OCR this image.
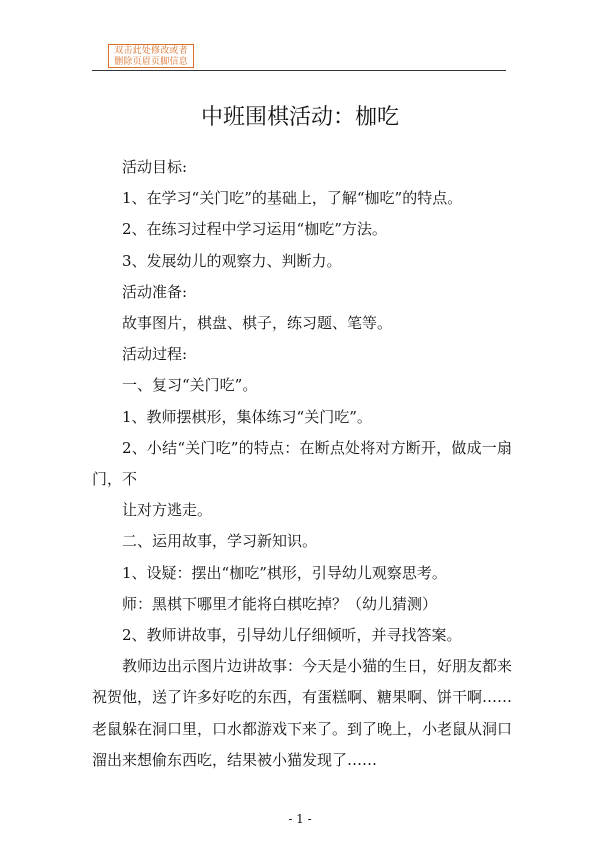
双击此处修改或者
删除页眉页脚信息
中班围棋活动：枷吃

活动目标:

1、在学习“关门吃”的基础上，了解“枷吃”的特点。

2、在练习过程中学习运用“枷吃”方法。

3、发展幼儿的观察力、判断力。

活动准备:

故事图片，棋盘、棋子，练习题、笔等。

活动过程:

一、复习“关门吃”。

1、教师摆棋形，集体练习“关门吃”。

2、小结“关门吃”的特点：在断点处将对方断开，做成一扇门，不

让对方逃走。

二、运用故事，学习新知识。

1、设疑：摆出“枷吃”棋形，引导幼儿观察思考。

师：黑棋下哪里才能将白棋吃掉？（幼儿猜测）

2、教师讲故事，引导幼儿仔细倾听，并寻找答案。

教师边出示图片边讲故事：今天是小猫的生日，好朋友都来祝贺他，送了许多好吃的东西，有蛋糕啊、糖果啊、饼干啊……老鼠躲在洞口里，口水都游戏下来了。到了晚上，小老鼠从洞口溜出来想偷东西吃，结果被小猫发现了……

- 1 -
